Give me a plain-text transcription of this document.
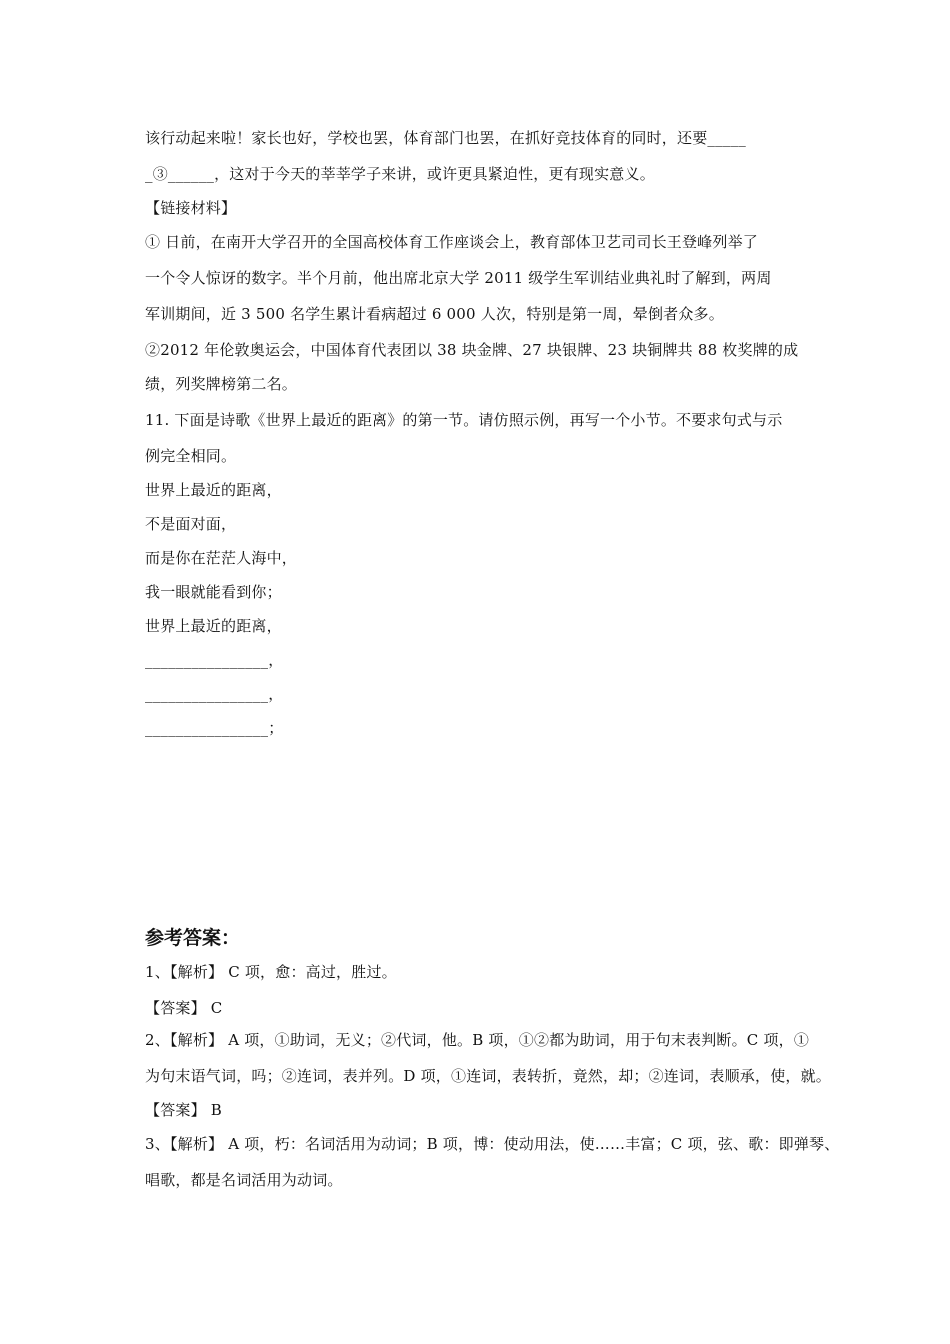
该行动起来啦！家长也好，学校也罢，体育部门也罢，在抓好竞技体育的同时，还要_____
_③______，这对于今天的莘莘学子来讲，或许更具紧迫性，更有现实意义。
【链接材料】
① 日前，在南开大学召开的全国高校体育工作座谈会上，教育部体卫艺司司长王登峰列举了
一个令人惊讶的数字。半个月前，他出席北京大学 2011 级学生军训结业典礼时了解到，两周
军训期间，近 3 500 名学生累计看病超过 6 000 人次，特别是第一周，晕倒者众多。
②2012 年伦敦奥运会，中国体育代表团以 38 块金牌、27 块银牌、23 块铜牌共 88 枚奖牌的成
绩，列奖牌榜第二名。
11. 下面是诗歌《世界上最近的距离》的第一节。请仿照示例，再写一个小节。不要求句式与示
例完全相同。
世界上最近的距离，
不是面对面，
而是你在茫茫人海中，
我一眼就能看到你；
世界上最近的距离，
________________，
________________，
________________；
参考答案：
1、【解析】 C 项，愈：高过，胜过。
【答案】 C
2、【解析】 A 项，①助词，无义；②代词，他。B 项，①②都为助词，用于句末表判断。C 项，①
为句末语气词，吗；②连词，表并列。D 项，①连词，表转折，竟然，却；②连词，表顺承，使，就。
【答案】 B
3、【解析】 A 项，朽：名词活用为动词；B 项，博：使动用法，使……丰富；C 项，弦、歌：即弹琴、
唱歌，都是名词活用为动词。
